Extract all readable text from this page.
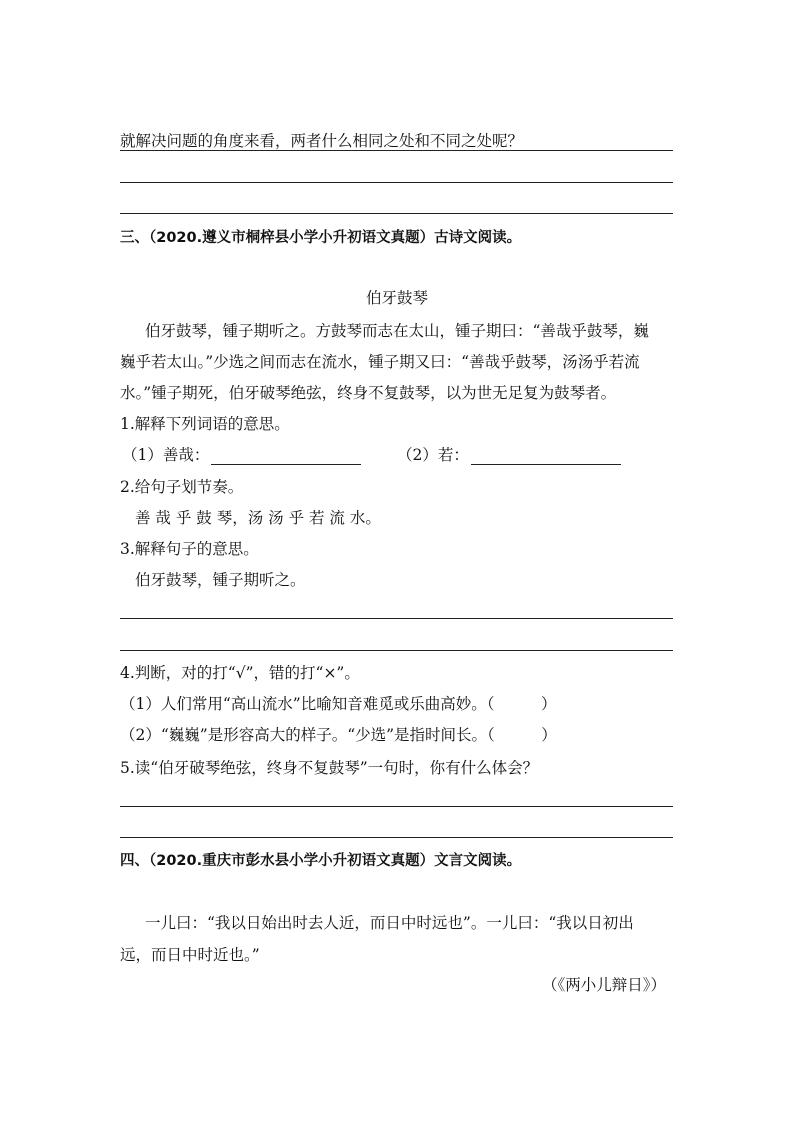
就解决问题的角度来看，两者什么相同之处和不同之处呢？
三、（2020.遵义市桐梓县小学小升初语文真题）古诗文阅读。
伯牙鼓琴
伯牙鼓琴，锺子期听之。方鼓琴而志在太山，锺子期曰：“善哉乎鼓琴，巍
巍乎若太山。”少选之间而志在流水，锺子期又曰：“善哉乎鼓琴，汤汤乎若流
水。”锺子期死，伯牙破琴绝弦，终身不复鼓琴，以为世无足复为鼓琴者。
1.解释下列词语的意思。
（1）善哉：	（2）若：
2.给句子划节奏。
善 哉 乎 鼓 琴，汤 汤 乎 若 流 水。
3.解释句子的意思。
伯牙鼓琴，锺子期听之。
4.判断，对的打“√”，错的打“×”。
（1）人们常用“高山流水”比喻知音难觅或乐曲高妙。（　　　）
（2）“巍巍”是形容高大的样子。“少选”是指时间长。（　　　）
5.读“伯牙破琴绝弦，终身不复鼓琴”一句时，你有什么体会？
四、（2020.重庆市彭水县小学小升初语文真题）文言文阅读。
一儿曰：“我以日始出时去人近，而日中时远也”。一儿曰：“我以日初出
远，而日中时近也。”
（《两小儿辩日》）
